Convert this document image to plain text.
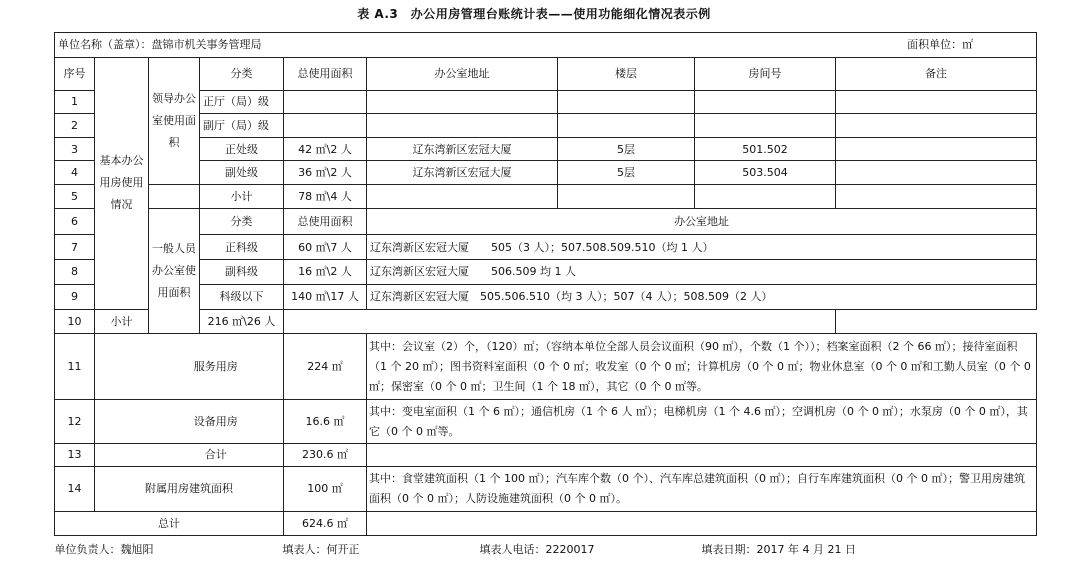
表 A.3　办公用房管理台账统计表——使用功能细化情况表示例
单位名称（盖章）：盘锦市机关事务管理局 面积单位：㎡								

序号	基本办公用房使用情况	领导办公室使用面积	分类	总使用面积	办公室地址	楼层	房间号	备注
1			正厅（局）级					
2			副厅（局）级					
3			正处级	42 ㎡\2 人	辽东湾新区宏冠大厦	5层	501.502	
4			副处级	36 ㎡\2 人	辽东湾新区宏冠大厦	5层	503.504	
5			小计	78 ㎡\4 人				
6		一般人员办公室使用面积	分类	总使用面积	办公室地址			
7			正科级	60 ㎡\7 人	辽东湾新区宏冠大厦　　505（3 人）；507.508.509.510（均 1 人）			
8			副科级	16 ㎡\2 人	辽东湾新区宏冠大厦　　506.509 均 1 人			
9			科级以下	140 ㎡\17 人	辽东湾新区宏冠大厦　505.506.510（均 3 人）；507（4 人）；508.509（2 人）			
10	小计		216 ㎡\26 人					
11		服务用房		224 ㎡	其中：会议室（2）个，（120）㎡；（容纳本单位全部人员会议面积（90 ㎡），个数（1 个））；档案室面积（2 个 66 ㎡）；接待室面积（1 个 20 ㎡）；图书资料室面积（0 个 0 ㎡；收发室（0 个 0 ㎡；计算机房（0 个 0 ㎡；物业休息室（0 个 0 ㎡和工勤人员室（0 个 0 ㎡；保密室（0 个 0 ㎡；卫生间（1 个 18 ㎡），其它（0 个 0 ㎡等。			
12		设备用房		16.6 ㎡	其中：变电室面积（1 个 6 ㎡）；通信机房（1 个 6 人 ㎡）；电梯机房（1 个 4.6 ㎡）；空调机房（0 个 0 ㎡）；水泵房（0 个 0 ㎡），其它（0 个 0 ㎡等。			
13		合计		230.6 ㎡				
14	附属用房建筑面积			100 ㎡	其中：食堂建筑面积（1 个 100 ㎡）；汽车库个数（0 个）、汽车库总建筑面积（0 ㎡）；自行车库建筑面积（0 个 0 ㎡）；警卫用房建筑面积（0 个 0 ㎡）；人防设施建筑面积（0 个 0 ㎡）。			
总计				624.6 ㎡				
单位负责人：魏旭阳 填表人：何开正 填表人电话：2220017 填表日期：2017 年 4 月 21 日								
